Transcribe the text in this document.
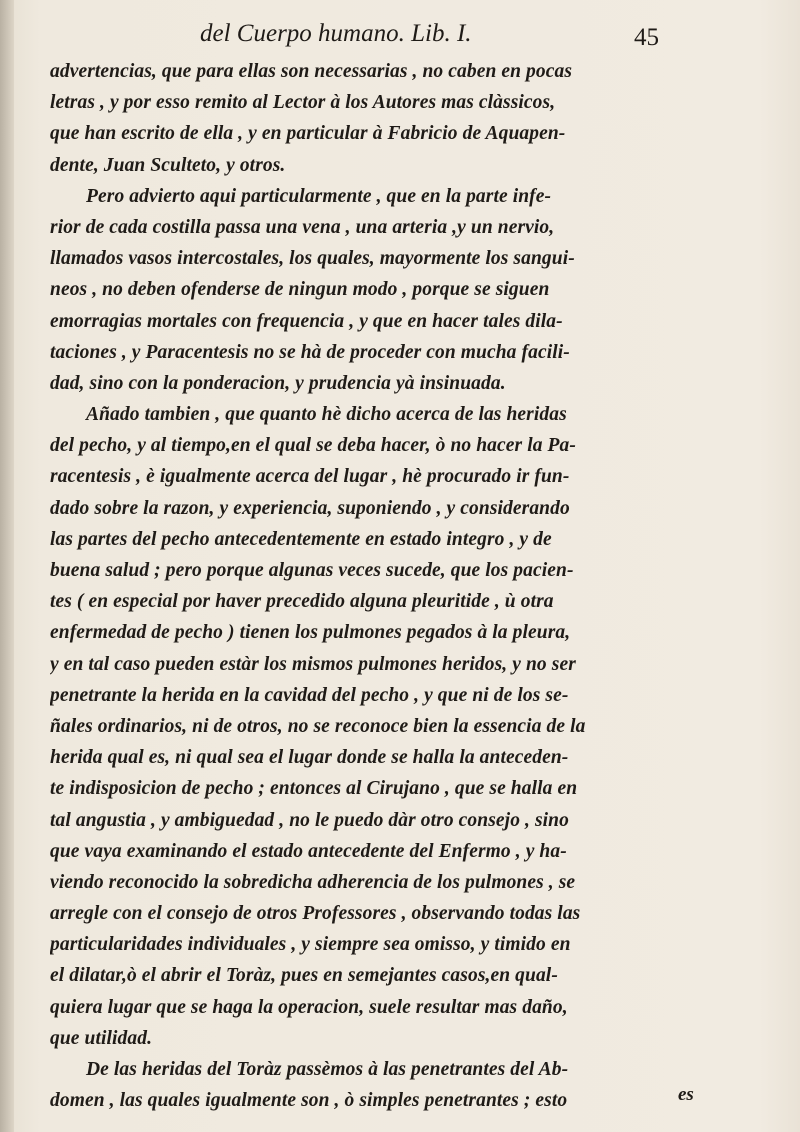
del Cuerpo humano. Lib. I.	45
advertencias, que para ellas son necessarias , no caben en pocas
letras , y por esso remito al Lector à los Autores mas clàssicos,
que han escrito de ella , y en particular à Fabricio de Aquapen-
dente, Juan Sculteto, y otros.
Pero advierto aqui particularmente , que en la parte infe-
rior de cada costilla passa una vena , una arteria ,y un nervio,
llamados vasos intercostales, los quales, mayormente los sangui-
neos , no deben ofenderse de ningun modo , porque se siguen
emorragias mortales con frequencia , y que en hacer tales dila-
taciones , y Paracentesis no se hà de proceder con mucha facili-
dad, sino con la ponderacion, y prudencia yà insinuada.
Añado tambien , que quanto hè dicho acerca de las heridas
del pecho, y al tiempo,en el qual se deba hacer, ò no hacer la Pa-
racentesis , è igualmente acerca del lugar , hè procurado ir fun-
dado sobre la razon, y experiencia, suponiendo , y considerando
las partes del pecho antecedentemente en estado integro , y de
buena salud ; pero porque algunas veces sucede, que los pacien-
tes ( en especial por haver precedido alguna pleuritide , ù otra
enfermedad de pecho ) tienen los pulmones pegados à la pleura,
y en tal caso pueden estàr los mismos pulmones heridos, y no ser
penetrante la herida en la cavidad del pecho , y que ni de los se-
ñales ordinarios, ni de otros, no se reconoce bien la essencia de la
herida qual es, ni qual sea el lugar donde se halla la anteceden-
te indisposicion de pecho ; entonces al Cirujano , que se halla en
tal angustia , y ambiguedad , no le puedo dàr otro consejo , sino
que vaya examinando el estado antecedente del Enfermo , y ha-
viendo reconocido la sobredicha adherencia de los pulmones , se
arregle con el consejo de otros Professores , observando todas las
particularidades individuales , y siempre sea omisso, y timido en
el dilatar,ò el abrir el Toràz, pues en semejantes casos,en qual-
quiera lugar que se haga la operacion, suele resultar mas daño,
que utilidad.
De las heridas del Toràz passèmos à las penetrantes del Ab-
domen , las quales igualmente son , ò simples penetrantes ; esto	es
